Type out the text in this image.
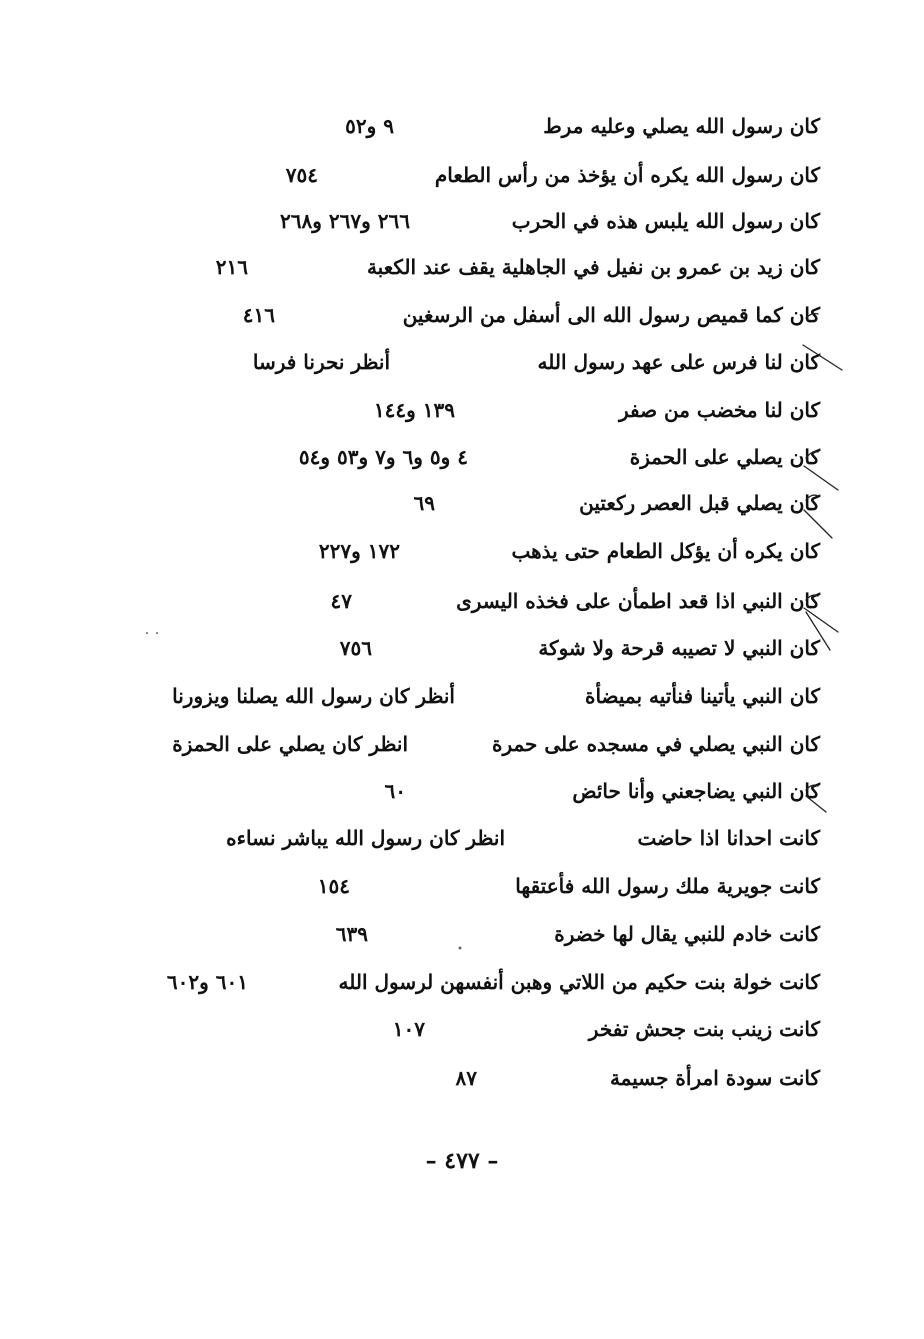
كان رسول الله يصلي وعليه مرط
٩ و٥٢
كان رسول الله يكره أن يؤخذ من رأس الطعام
٧٥٤
كان رسول الله يلبس هذه في الحرب
٢٦٦ و٢٦٧ و٢٦٨
كان زيد بن عمرو بن نفيل في الجاهلية يقف عند الكعبة
٢١٦
كان كما قميص رسول الله الى أسفل من الرسغين
٤١٦
كان لنا فرس على عهد رسول الله
أنظر نحرنا فرسا
كان لنا مخضب من صفر
١٣٩ و١٤٤
كان يصلي على الحمزة
٤ و٥ و٦ و٧ و٥٣ و٥٤
كان يصلي قبل العصر ركعتين
٦٩
كان يكره أن يؤكل الطعام حتى يذهب
١٧٢ و٢٢٧
كان النبي اذا قعد اطمأن على فخذه اليسرى
٤٧
كان النبي لا تصيبه قرحة ولا شوكة
٧٥٦
كان النبي يأتينا فنأتيه بميضأة
أنظر كان رسول الله يصلنا ويزورنا
كان النبي يصلي في مسجده على حمرة
انظر كان يصلي على الحمزة
كان النبي يضاجعني وأنا حائض
٦٠
كانت احدانا اذا حاضت
انظر كان رسول الله يباشر نساءه
كانت جويرية ملك رسول الله فأعتقها
١٥٤
كانت خادم للنبي يقال لها خضرة
٦٣٩
كانت خولة بنت حكيم من اللاتي وهبن أنفسهن لرسول الله
٦٠١ و٦٠٢
كانت زينب بنت جحش تفخر
١٠٧
كانت سودة امرأة جسيمة
٨٧
– ٤٧٧ –
